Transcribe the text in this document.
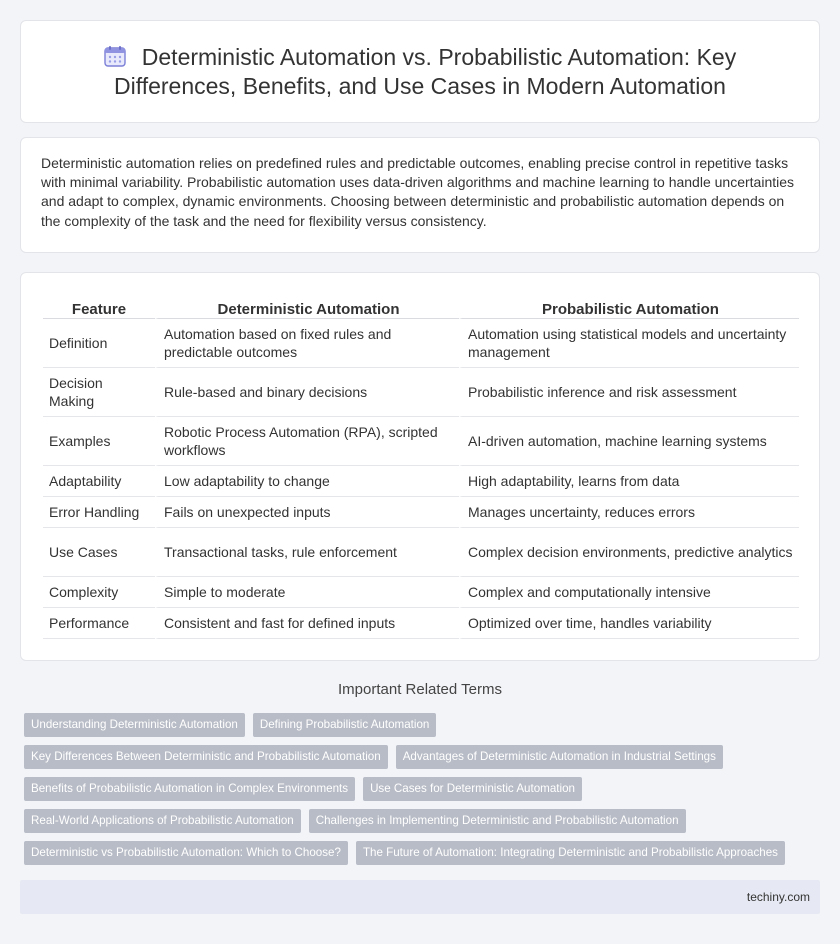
Deterministic Automation vs. Probabilistic Automation: Key Differences, Benefits, and Use Cases in Modern Automation

Deterministic automation relies on predefined rules and predictable outcomes, enabling precise control in repetitive tasks with minimal variability. Probabilistic automation uses data-driven algorithms and machine learning to handle uncertainties and adapt to complex, dynamic environments. Choosing between deterministic and probabilistic automation depends on the complexity of the task and the need for flexibility versus consistency.

Feature	Deterministic Automation	Probabilistic Automation
Definition	Automation based on fixed rules and predictable outcomes	Automation using statistical models and uncertainty management
Decision Making	Rule-based and binary decisions	Probabilistic inference and risk assessment
Examples	Robotic Process Automation (RPA), scripted workflows	AI-driven automation, machine learning systems
Adaptability	Low adaptability to change	High adaptability, learns from data
Error Handling	Fails on unexpected inputs	Manages uncertainty, reduces errors
Use Cases	Transactional tasks, rule enforcement	Complex decision environments, predictive analytics
Complexity	Simple to moderate	Complex and computationally intensive
Performance	Consistent and fast for defined inputs	Optimized over time, handles variability
Important Related Terms
Understanding Deterministic Automation	Defining Probabilistic Automation
Key Differences Between Deterministic and Probabilistic Automation	Advantages of Deterministic Automation in Industrial Settings
Benefits of Probabilistic Automation in Complex Environments	Use Cases for Deterministic Automation
Real-World Applications of Probabilistic Automation	Challenges in Implementing Deterministic and Probabilistic Automation
Deterministic vs Probabilistic Automation: Which to Choose?	The Future of Automation: Integrating Deterministic and Probabilistic Approaches
techiny.com
